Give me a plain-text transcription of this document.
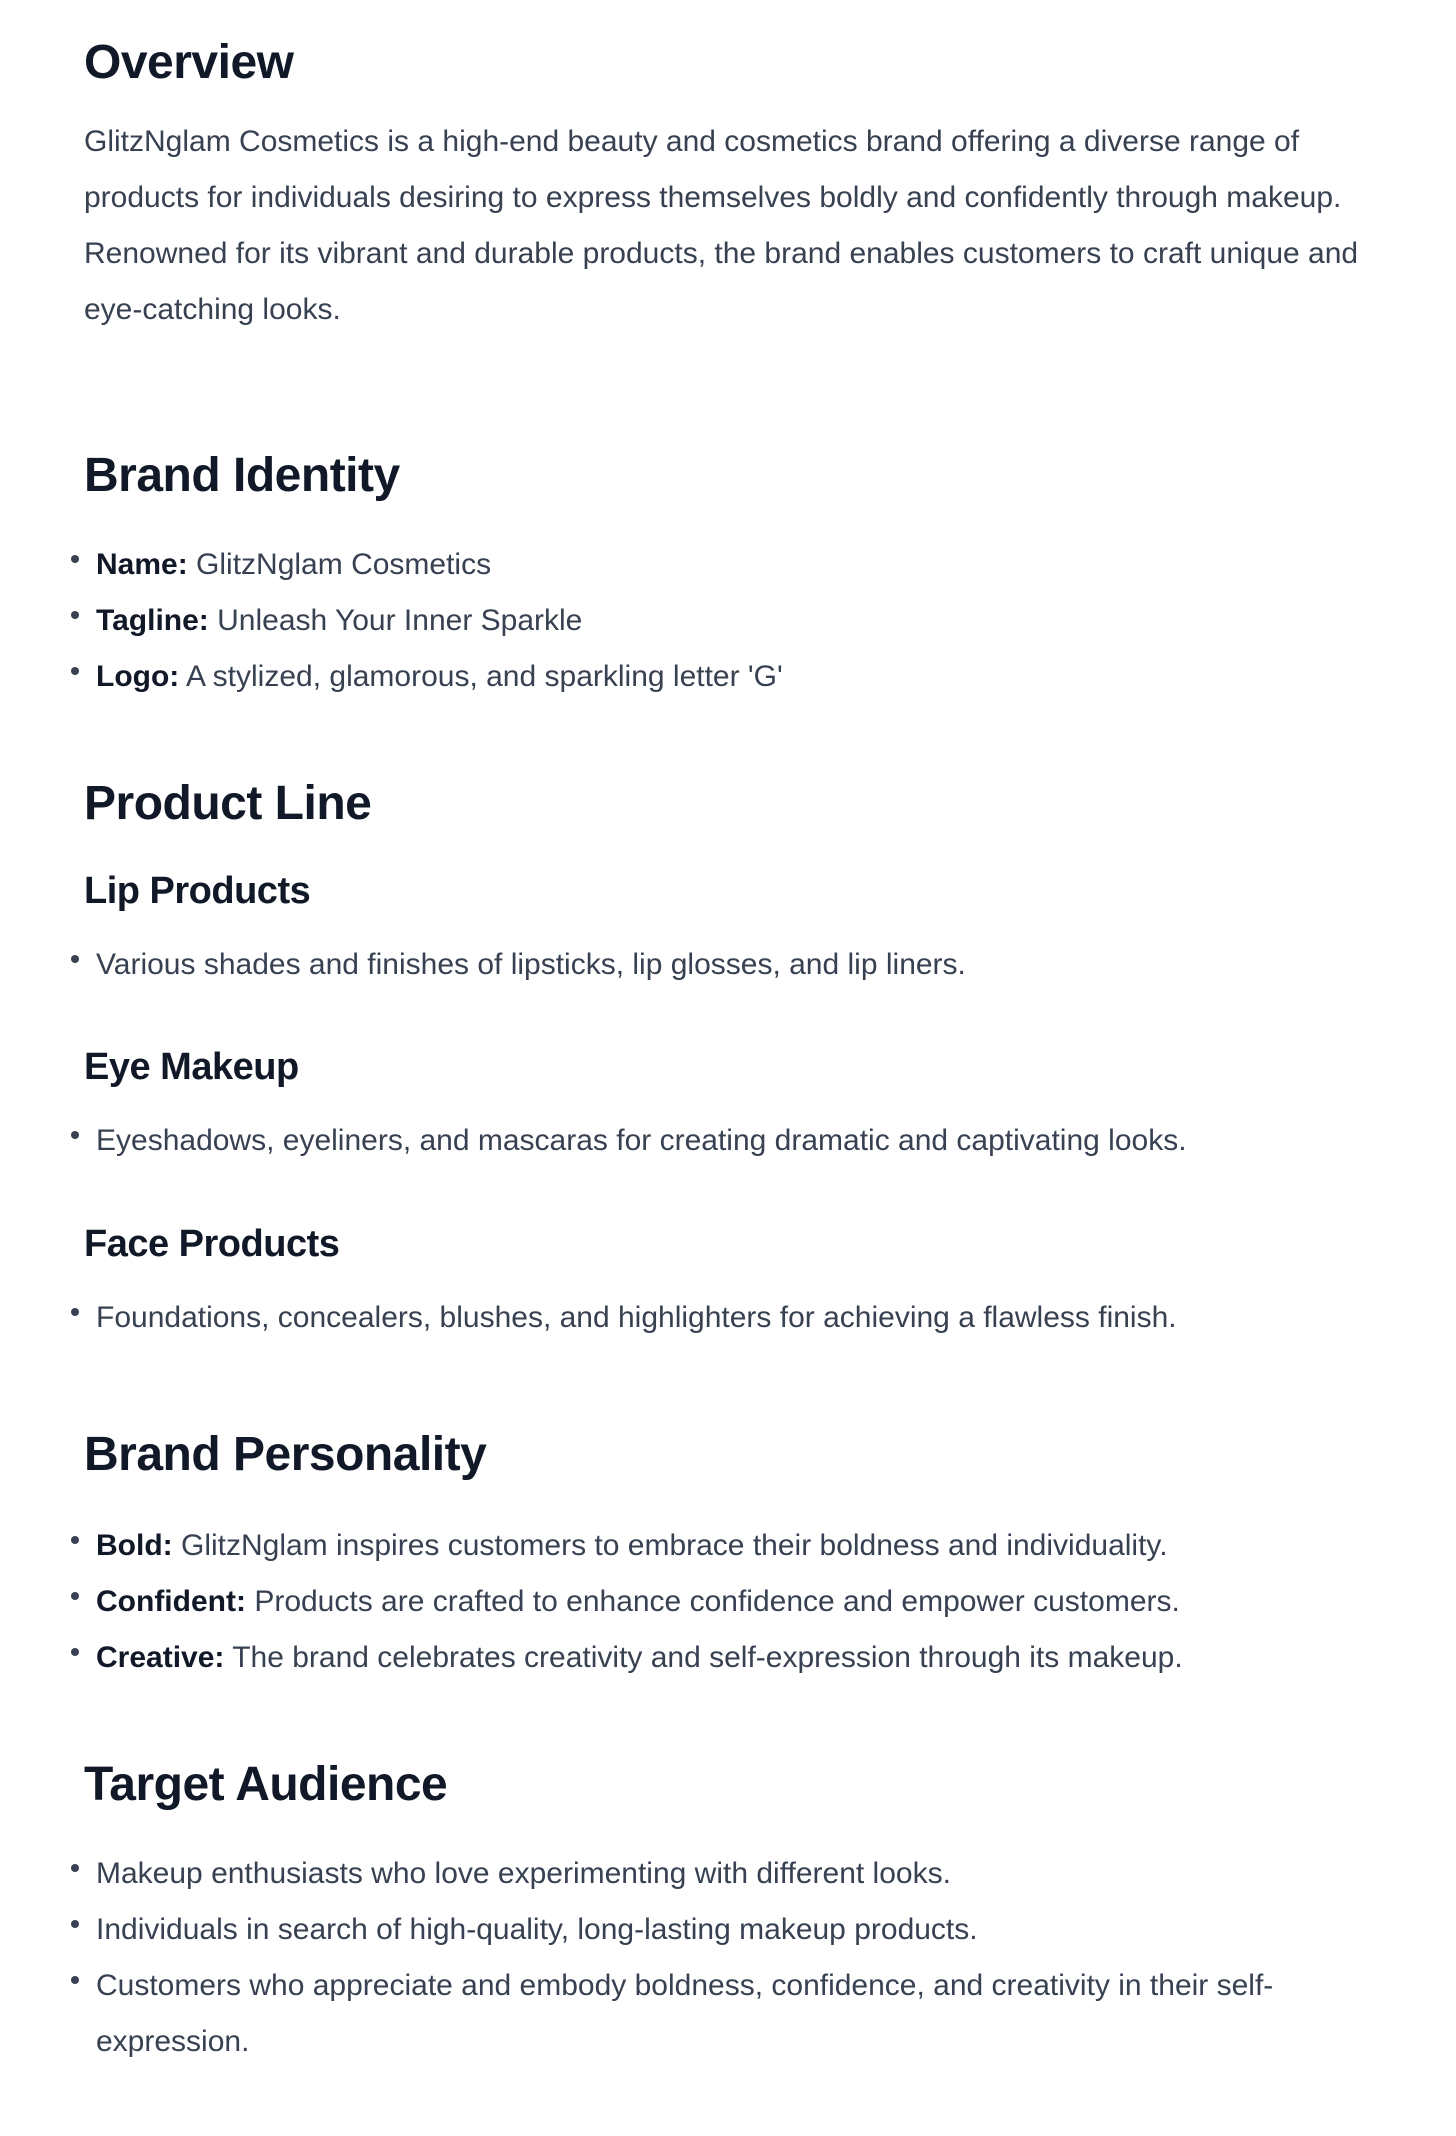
Overview

GlitzNglam Cosmetics is a high-end beauty and cosmetics brand offering a diverse range of products for individuals desiring to express themselves boldly and confidently through makeup. Renowned for its vibrant and durable products, the brand enables customers to craft unique and eye-catching looks.

Brand Identity
Name: GlitzNglam Cosmetics
Tagline: Unleash Your Inner Sparkle
Logo: A stylized, glamorous, and sparkling letter 'G'
Product Line
Lip Products
Various shades and finishes of lipsticks, lip glosses, and lip liners.
Eye Makeup
Eyeshadows, eyeliners, and mascaras for creating dramatic and captivating looks.
Face Products
Foundations, concealers, blushes, and highlighters for achieving a flawless finish.
Brand Personality
Bold: GlitzNglam inspires customers to embrace their boldness and individuality.
Confident: Products are crafted to enhance confidence and empower customers.
Creative: The brand celebrates creativity and self-expression through its makeup.
Target Audience
Makeup enthusiasts who love experimenting with different looks.
Individuals in search of high-quality, long-lasting makeup products.
Customers who appreciate and embody boldness, confidence, and creativity in their self-expression.
